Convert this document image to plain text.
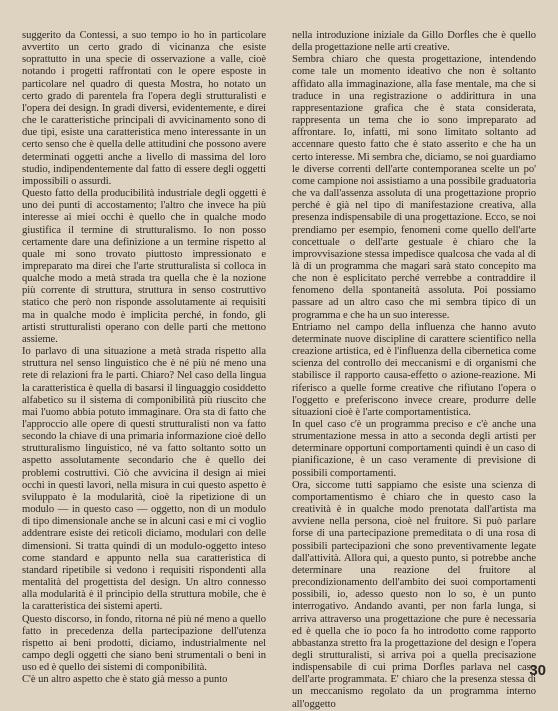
suggerito da Contessi, a suo tempo io ho in particolare avvertito un certo grado di vicinanza che esiste soprattutto in una specie di osservazione a valle, cioè notando i progetti raffrontati con le opere esposte in particolare nel quadro di questa Mostra, ho notato un certo grado di parentela fra l'opera degli strutturalisti e l'opera dei design. In gradi diversi, evidentemente, e direi che le caratteristiche principali di avvicinamento sono di due tipi, esiste una caratteristica meno interessante in un certo senso che è quella delle attitudini che possono avere determinati oggetti anche a livello di massima del loro studio, indipendentemente dal fatto di essere degli oggetti impossibili o assurdi.

Questo fatto della producibilità industriale degli oggetti è uno dei punti di accostamento; l'altro che invece ha più interesse ai miei occhi è quello che in qualche modo giustifica il termine di strutturalismo. Io non posso certamente dare una definizione a un termine rispetto al quale mi sono trovato piuttosto impressionato e impreparato ma direi che l'arte strutturalista si colloca in qualche modo a metà strada tra quella che è la nozione più corrente di struttura, struttura in senso costruttivo statico che però non risponde assolutamente ai requisiti ma in qualche modo è implicita perché, in fondo, gli artisti strutturalisti operano con delle parti che mettono assieme.

Io parlavo di una situazione a metà strada rispetto alla struttura nel senso linguistico che è né più né meno una rete di relazioni fra le parti. Chiaro? Nel caso della lingua la caratteristica è quella di basarsi il linguaggio cosiddetto alfabetico su il sistema di componibilità più riuscito che mai l'uomo abbia potuto immaginare. Ora sta di fatto che l'approccio alle opere di questi strutturalisti non va fatto secondo la chiave di una primaria informazione cioè dello strutturalismo linguistico, né va fatto soltanto sotto un aspetto assolutamente secondario che è quello dei problemi costruttivi. Ciò che avvicina il design ai miei occhi in questi lavori, nella misura in cui questo aspetto è sviluppato è la modularità, cioè la ripetizione di un modulo — in questo caso — oggetto, non di un modulo di tipo dimensionale anche se in alcuni casi e mi ci voglio addentrare esiste dei reticoli diciamo, modulari con delle dimensioni. Si tratta quindi di un modulo-oggetto inteso come standard e appunto nella sua caratteristica di standard ripetibile si vedono i requisiti rispondenti alla mentalità del progettista del design. Un altro connesso alla modularità è il principio della struttura mobile, che è la caratteristica dei sistemi aperti.

Questo discorso, in fondo, ritorna né più né meno a quello fatto in precedenza della partecipazione dell'utenza rispetto ai beni prodotti, diciamo, industrialmente nel campo degli oggetti che siano beni strumentali o beni in uso ed è quello dei sistemi di componibilità.

C'è un altro aspetto che è stato già messo a punto

nella introduzione iniziale da Gillo Dorfles che è quello della progettazione nelle arti creative.

Sembra chiaro che questa progettazione, intendendo come tale un momento ideativo che non è soltanto affidato alla immaginazione, alla fase mentale, ma che si traduce in una registrazione o addirittura in una rappresentazione grafica che è stata considerata, rappresenta un tema che io sono impreparato ad affrontare. Io, infatti, mi sono limitato soltanto ad accennare questo fatto che è stato asserito e che ha un certo interesse. Mi sembra che, diciamo, se noi guardiamo le diverse correnti dell'arte contemporanea scelte un po' come campione noi assistiamo a una possibile graduatoria che va dall'assenza assoluta di una progettazione proprio perché è già nel tipo di manifestazione creativa, alla presenza indispensabile di una progettazione. Ecco, se noi prendiamo per esempio, fenomeni come quello dell'arte concettuale o dell'arte gestuale è chiaro che la improvvisazione stessa impedisce qualcosa che vada al di là di un programma che magari sarà stato concepito ma che non è esplicitato perché verrebbe a contraddire il fenomeno della spontaneità assoluta. Poi possiamo passare ad un altro caso che mi sembra tipico di un programma e che ha un suo interesse.

Entriamo nel campo della influenza che hanno avuto determinate nuove discipline di carattere scientifico nella creazione artistica, ed è l'influenza della cibernetica come scienza del controllo dei meccanismi e di organismi che stabilisce il rapporto causa-effetto o azione-reazione. Mi riferisco a quelle forme creative che rifiutano l'opera o l'oggetto e preferiscono invece creare, produrre delle situazioni cioè è l'arte comportamentistica.

In quel caso c'è un programma preciso e c'è anche una strumentazione messa in atto a seconda degli artisti per determinare opportuni comportamenti quindi è un caso di pianificazione, è un caso veramente di previsione di possibili comportamenti.

Ora, siccome tutti sappiamo che esiste una scienza di comportamentismo è chiaro che in questo caso la creatività è in qualche modo prenotata dall'artista ma avviene nella persona, cioè nel fruitore. Si può parlare forse di una partecipazione premeditata o di una rosa di possibili partecipazioni che sono preventivamente legate dall'attività. Allora qui, a questo punto, si potrebbe anche determinare una reazione del fruitore al precondizionamento dell'ambito dei suoi comportamenti possibili, io, adesso questo non lo so, è un punto interrogativo. Andando avanti, per non farla lunga, si arriva attraverso una progettazione che pure è necessaria ed è quella che io poco fa ho introdotto come rapporto abbastanza stretto fra la progettazione del design e l'opera degli strutturalisti, si arriva poi a quella precisazione indispensabile di cui prima Dorfles parlava nel caso dell'arte programmata. E' chiaro che la presenza stessa di un meccanismo regolato da un programma interno all'oggetto

30
